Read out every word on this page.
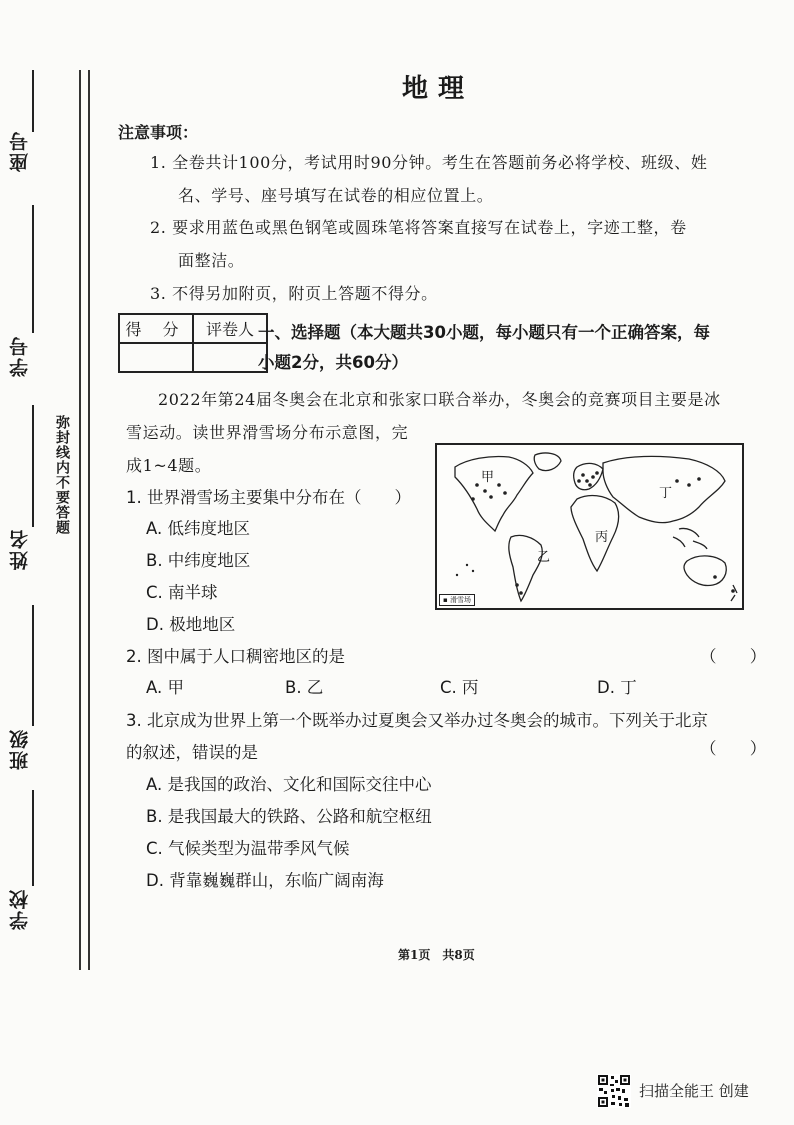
座号
学号
姓名
班级
学校
弥封线内不要答题
地理
注意事项：
1. 全卷共计100分，考试用时90分钟。考生在答题前务必将学校、班级、姓
名、学号、座号填写在试卷的相应位置上。
2. 要求用蓝色或黑色钢笔或圆珠笔将答案直接写在试卷上，字迹工整，卷
面整洁。
3. 不得另加附页，附页上答题不得分。
得 分	评卷人
	一、选择题（本大题共30小题，每小题只有一个正确答案，每
小题2分，共60分）
2022年第24届冬奥会在北京和张家口联合举办，冬奥会的竞赛项目主要是冰
雪运动。读世界滑雪场分布示意图，完
成1~4题。
甲
乙
丙
丁
▪ 滑雪场
1. 世界滑雪场主要集中分布在（　　）
A. 低纬度地区
B. 中纬度地区
C. 南半球
D. 极地地区
2. 图中属于人口稠密地区的是	（ ）
A. 甲	B. 乙	C. 丙	D. 丁
3. 北京成为世界上第一个既举办过夏奥会又举办过冬奥会的城市。下列关于北京
的叙述，错误的是	（ ）
A. 是我国的政治、文化和国际交往中心
B. 是我国最大的铁路、公路和航空枢纽
C. 气候类型为温带季风气候
D. 背靠巍巍群山，东临广阔南海
第1页　共8页
扫描全能王 创建
